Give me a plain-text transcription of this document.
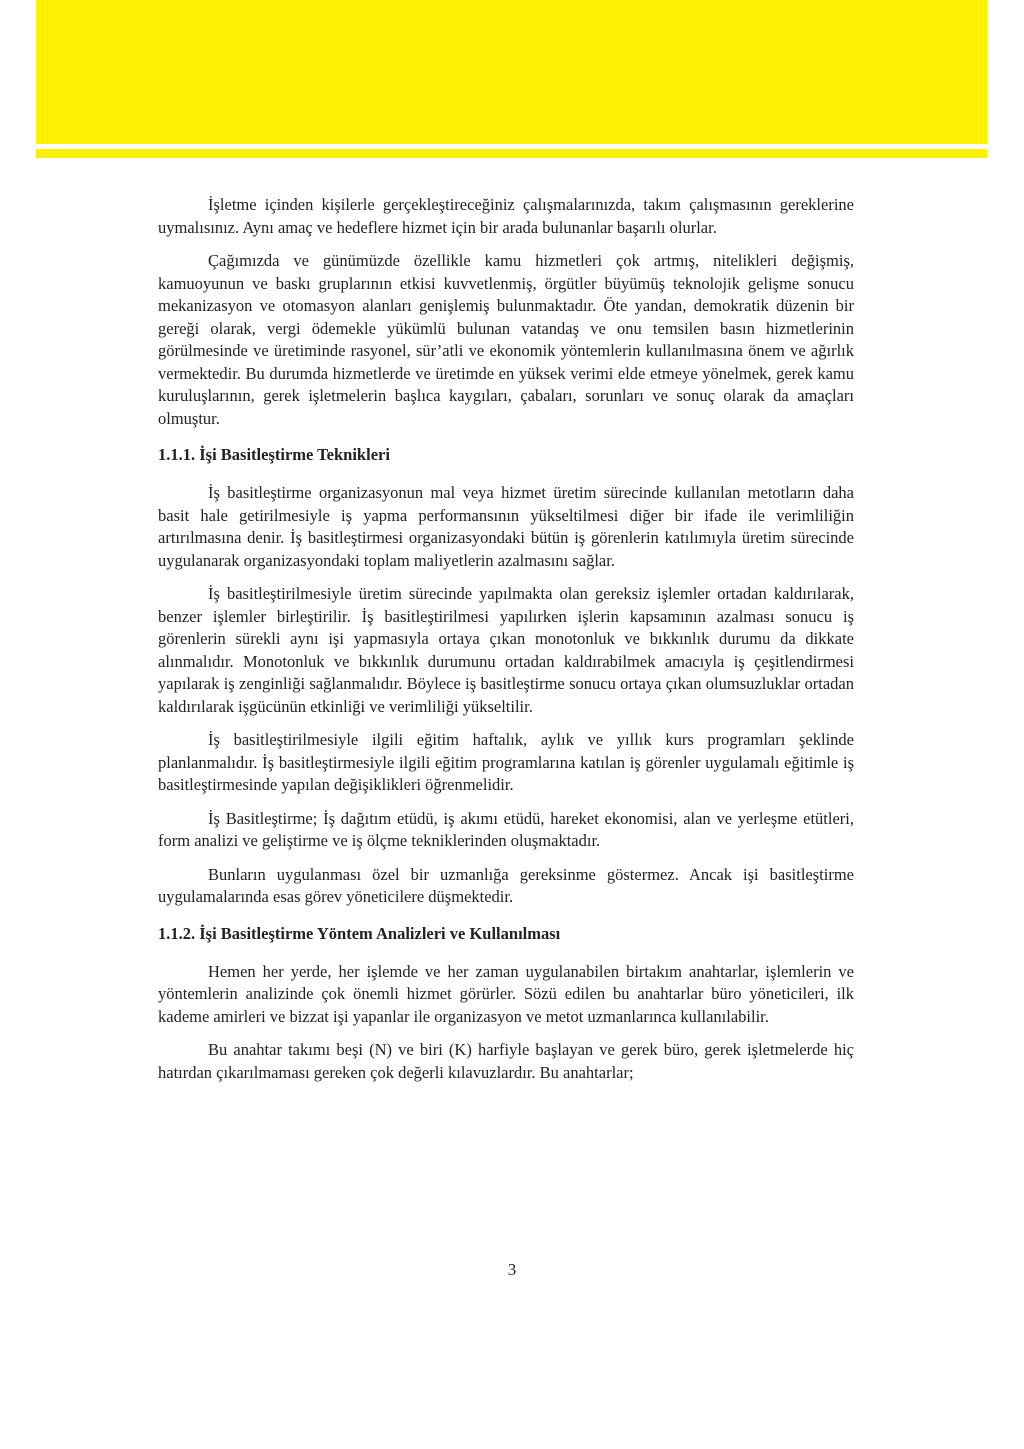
İşletme içinden kişilerle gerçekleştireceğiniz çalışmalarınızda, takım çalışmasının gereklerine uymalısınız. Aynı amaç ve hedeflere hizmet için bir arada bulunanlar başarılı olurlar.

Çağımızda ve günümüzde özellikle kamu hizmetleri çok artmış, nitelikleri değişmiş, kamuoyunun ve baskı gruplarının etkisi kuvvetlenmiş, örgütler büyümüş teknolojik gelişme sonucu mekanizasyon ve otomasyon alanları genişlemiş bulunmaktadır. Öte yandan, demokratik düzenin bir gereği olarak, vergi ödemekle yükümlü bulunan vatandaş ve onu temsilen basın hizmetlerinin görülmesinde ve üretiminde rasyonel, sür’atli ve ekonomik yöntemlerin kullanılmasına önem ve ağırlık vermektedir. Bu durumda hizmetlerde ve üretimde en yüksek verimi elde etmeye yönelmek, gerek kamu kuruluşlarının, gerek işletmelerin başlıca kaygıları, çabaları, sorunları ve sonuç olarak da amaçları olmuştur.

1.1.1. İşi Basitleştirme Teknikleri

İş basitleştirme organizasyonun mal veya hizmet üretim sürecinde kullanılan metotların daha basit hale getirilmesiyle iş yapma performansının yükseltilmesi diğer bir ifade ile verimliliğin artırılmasına denir. İş basitleştirmesi organizasyondaki bütün iş görenlerin katılımıyla üretim sürecinde uygulanarak organizasyondaki toplam maliyetlerin azalmasını sağlar.

İş basitleştirilmesiyle üretim sürecinde yapılmakta olan gereksiz işlemler ortadan kaldırılarak, benzer işlemler birleştirilir. İş basitleştirilmesi yapılırken işlerin kapsamının azalması sonucu iş görenlerin sürekli aynı işi yapmasıyla ortaya çıkan monotonluk ve bıkkınlık durumu da dikkate alınmalıdır. Monotonluk ve bıkkınlık durumunu ortadan kaldırabilmek amacıyla iş çeşitlendirmesi yapılarak iş zenginliği sağlanmalıdır. Böylece iş basitleştirme sonucu ortaya çıkan olumsuzluklar ortadan kaldırılarak işgücünün etkinliği ve verimliliği yükseltilir.

İş basitleştirilmesiyle ilgili eğitim haftalık, aylık ve yıllık kurs programları şeklinde planlanmalıdır. İş basitleştirmesiyle ilgili eğitim programlarına katılan iş görenler uygulamalı eğitimle iş basitleştirmesinde yapılan değişiklikleri öğrenmelidir.

İş Basitleştirme; İş dağıtım etüdü, iş akımı etüdü, hareket ekonomisi, alan ve yerleşme etütleri, form analizi ve geliştirme ve iş ölçme tekniklerinden oluşmaktadır.

Bunların uygulanması özel bir uzmanlığa gereksinme göstermez. Ancak işi basitleştirme uygulamalarında esas görev yöneticilere düşmektedir.

1.1.2. İşi Basitleştirme Yöntem Analizleri ve Kullanılması

Hemen her yerde, her işlemde ve her zaman uygulanabilen birtakım anahtarlar, işlemlerin ve yöntemlerin analizinde çok önemli hizmet görürler. Sözü edilen bu anahtarlar büro yöneticileri, ilk kademe amirleri ve bizzat işi yapanlar ile organizasyon ve metot uzmanlarınca kullanılabilir.

Bu anahtar takımı beşi (N) ve biri (K) harfiyle başlayan ve gerek büro, gerek işletmelerde hiç hatırdan çıkarılmaması gereken çok değerli kılavuzlardır. Bu anahtarlar;

3
